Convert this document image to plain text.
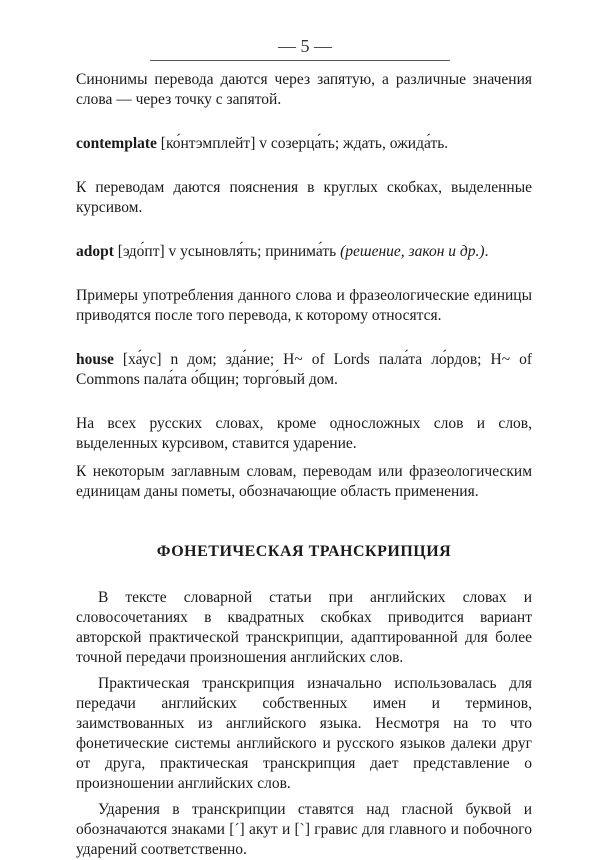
— 5 —

Синонимы перевода даются через запятую, а различные значения слова — через точку с запятой.

contemplate [ко́нтэмплейт] v созерца́ть; ждать, ожида́ть.

К переводам даются пояснения в круглых скобках, выделенные курсивом.

adopt [эдо́пт] v усыновля́ть; принима́ть (решение, закон и др.).

Примеры употребления данного слова и фразеологические единицы приводятся после того перевода, к которому относятся.

house [ха́ус] n дом; зда́ние; H~ of Lords пала́та ло́рдов; H~ of Commons пала́та о́бщин; торго́вый дом.

На всех русских словах, кроме односложных слов и слов, выделенных курсивом, ставится ударение.

К некоторым заглавным словам, переводам или фразеологическим единицам даны пометы, обозначающие область применения.

ФОНЕТИЧЕСКАЯ ТРАНСКРИПЦИЯ

В тексте словарной статьи при английских словах и словосочетаниях в квадратных скобках приводится вариант авторской практической транскрипции, адаптированной для более точной передачи произношения английских слов.

Практическая транскрипция изначально использовалась для передачи английских собственных имен и терминов, заимствованных из английского языка. Несмотря на то что фонетические системы английского и русского языков далеки друг от друга, практическая транскрипция дает представление о произношении английских слов.

Ударения в транскрипции ставятся над гласной буквой и обозначаются знаками [´] акут и [`] гравис для главного и побочного ударений соответственно.
